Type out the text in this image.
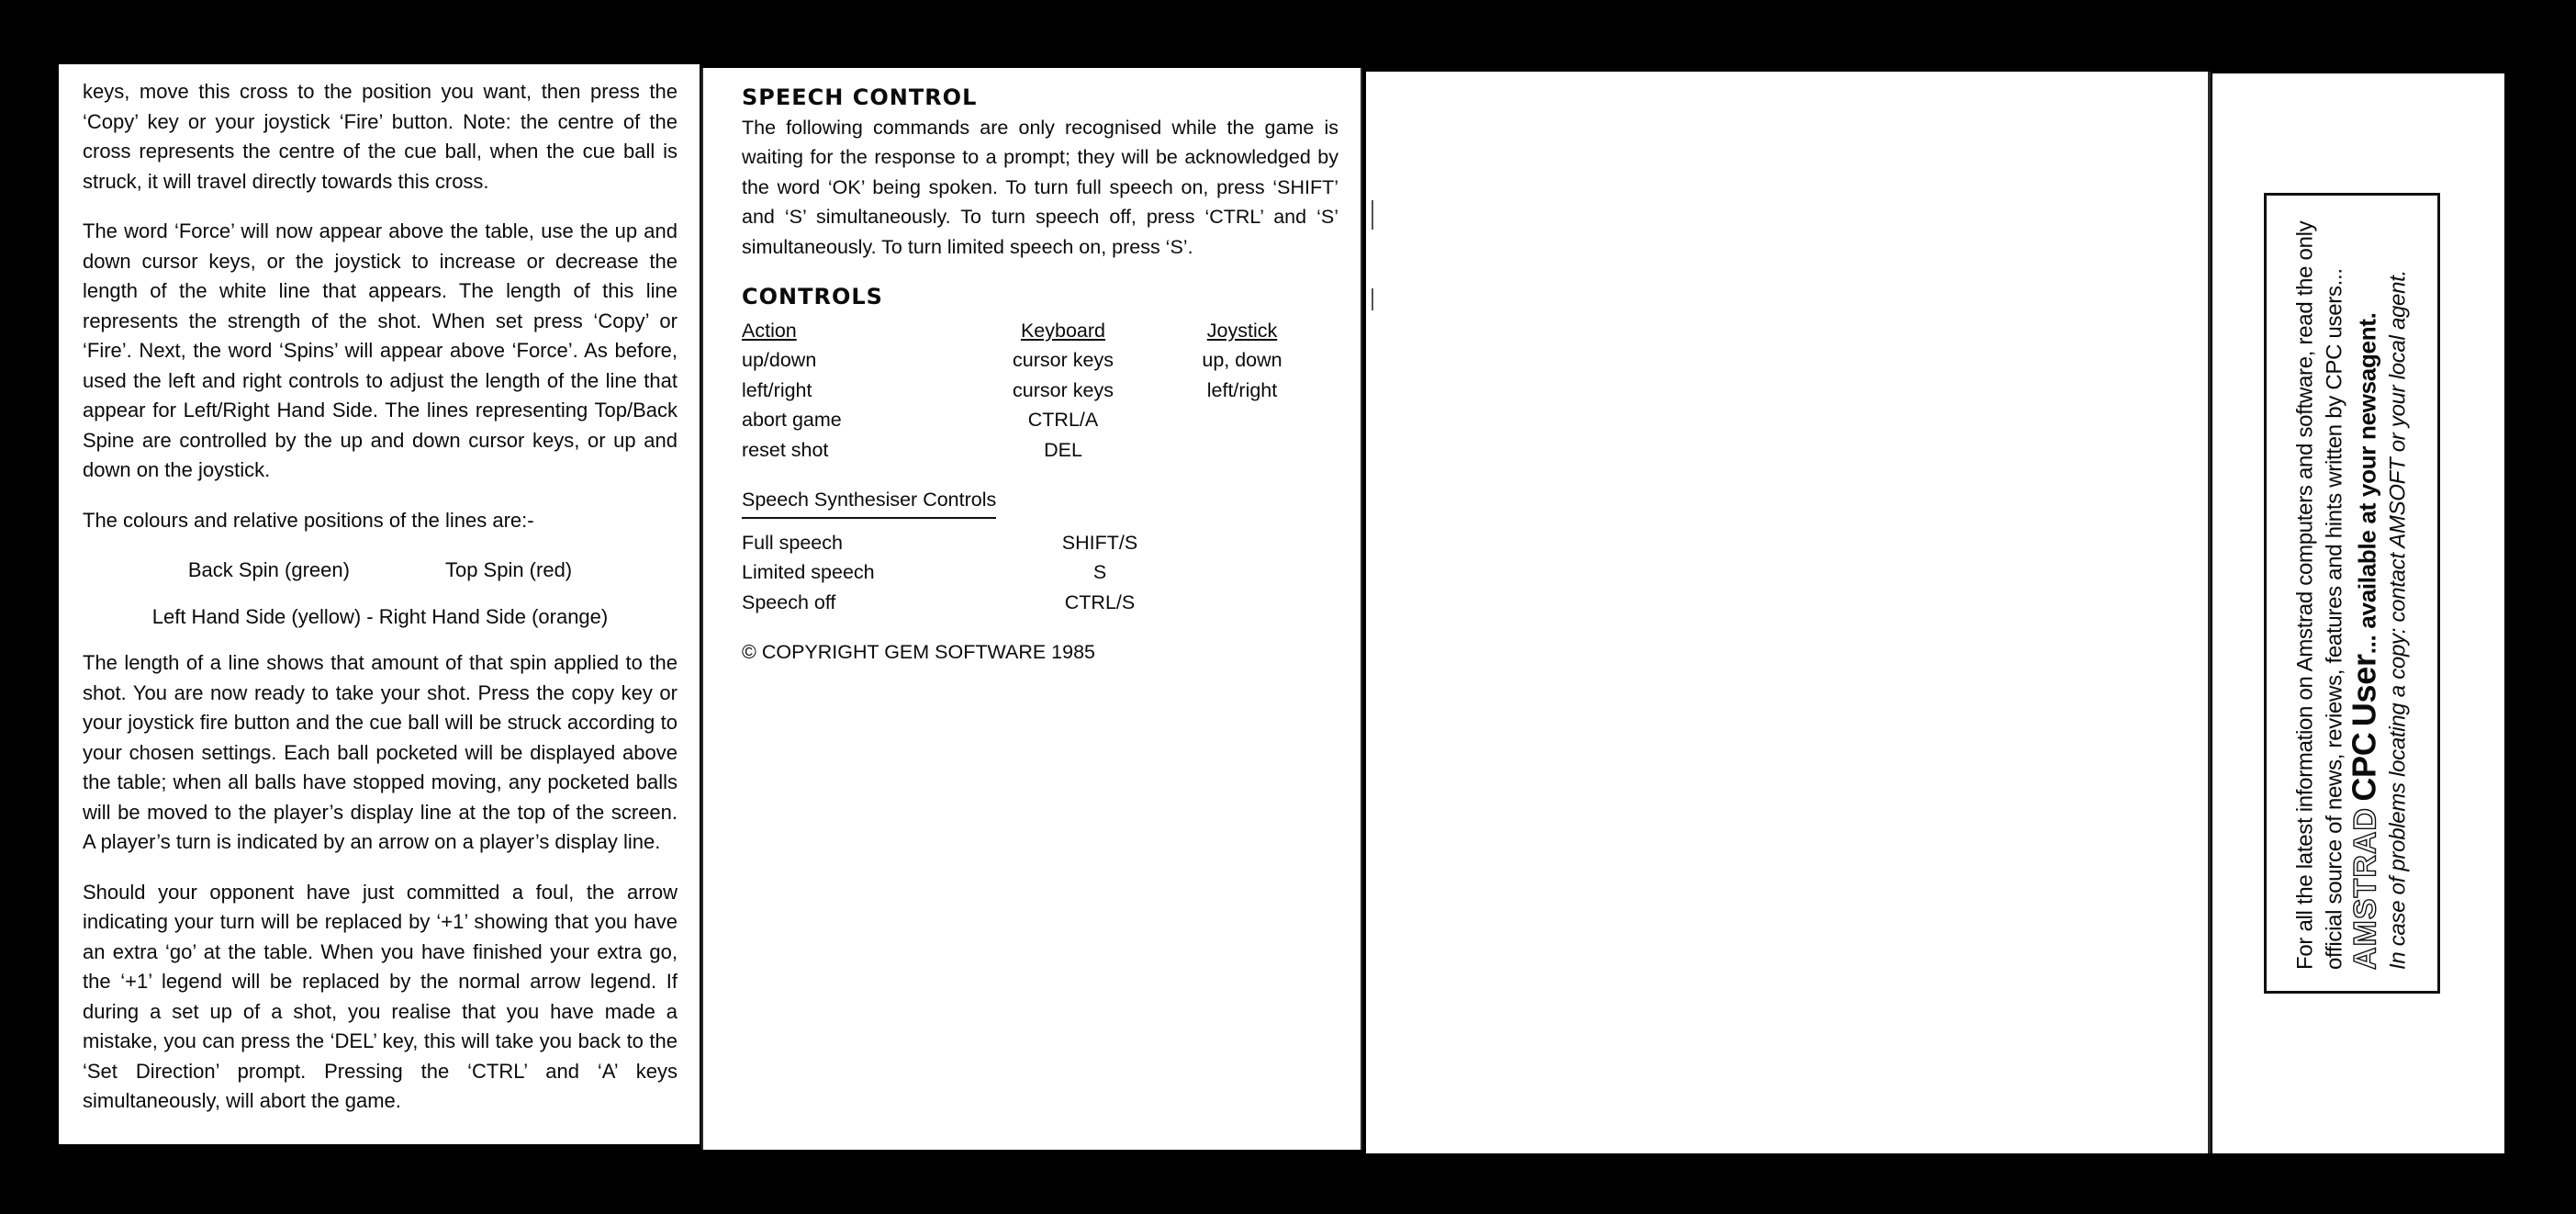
keys, move this cross to the position you want, then press the ‘Copy’ key or your joystick ‘Fire’ button. Note: the centre of the cross represents the centre of the cue ball, when the cue ball is struck, it will travel directly towards this cross.

The word ‘Force’ will now appear above the table, use the up and down cursor keys, or the joystick to increase or decrease the length of the white line that appears. The length of this line represents the strength of the shot. When set press ‘Copy’ or ‘Fire’. Next, the word ‘Spins’ will appear above ‘Force’. As before, used the left and right controls to adjust the length of the line that appear for Left/Right Hand Side. The lines representing Top/Back Spine are controlled by the up and down cursor keys, or up and down on the joystick.

The colours and relative positions of the lines are:-

Back Spin (green)	Top Spin (red)

Left Hand Side (yellow) - Right Hand Side (orange)

The length of a line shows that amount of that spin applied to the shot. You are now ready to take your shot. Press the copy key or your joystick fire button and the cue ball will be struck according to your chosen settings. Each ball pocketed will be displayed above the table; when all balls have stopped moving, any pocketed balls will be moved to the player’s display line at the top of the screen. A player’s turn is indicated by an arrow on a player’s display line.

Should your opponent have just committed a foul, the arrow indicating your turn will be replaced by ‘+1’ showing that you have an extra ‘go’ at the table. When you have finished your extra go, the ‘+1’ legend will be replaced by the normal arrow legend. If during a set up of a shot, you realise that you have made a mistake, you can press the ‘DEL’ key, this will take you back to the ‘Set Direction’ prompt. Pressing the ‘CTRL’ and ‘A’ keys simultaneously, will abort the game.

SPEECH CONTROL

The following commands are only recognised while the game is waiting for the response to a prompt; they will be acknowledged by the word ‘OK’ being spoken. To turn full speech on, press ‘SHIFT’ and ‘S’ simultaneously. To turn speech off, press ‘CTRL’ and ‘S’ simultaneously. To turn limited speech on, press ‘S’.

CONTROLS
Action	Keyboard	Joystick
up/down	cursor keys	up, down
left/right	cursor keys	left/right
abort game	CTRL/A	
reset shot	DEL	
Speech Synthesiser Controls
Full speech	SHIFT/S
Limited speech	S
Speech off	CTRL/S
© COPYRIGHT GEM SOFTWARE 1985	For all the latest information on Amstrad computers and software, read the only official source of news, reviews, features and hints written by CPC users... AMSTRAD CPC User... available at your newsagent. In case of problems locating a copy: contact AMSOFT or your local agent.
